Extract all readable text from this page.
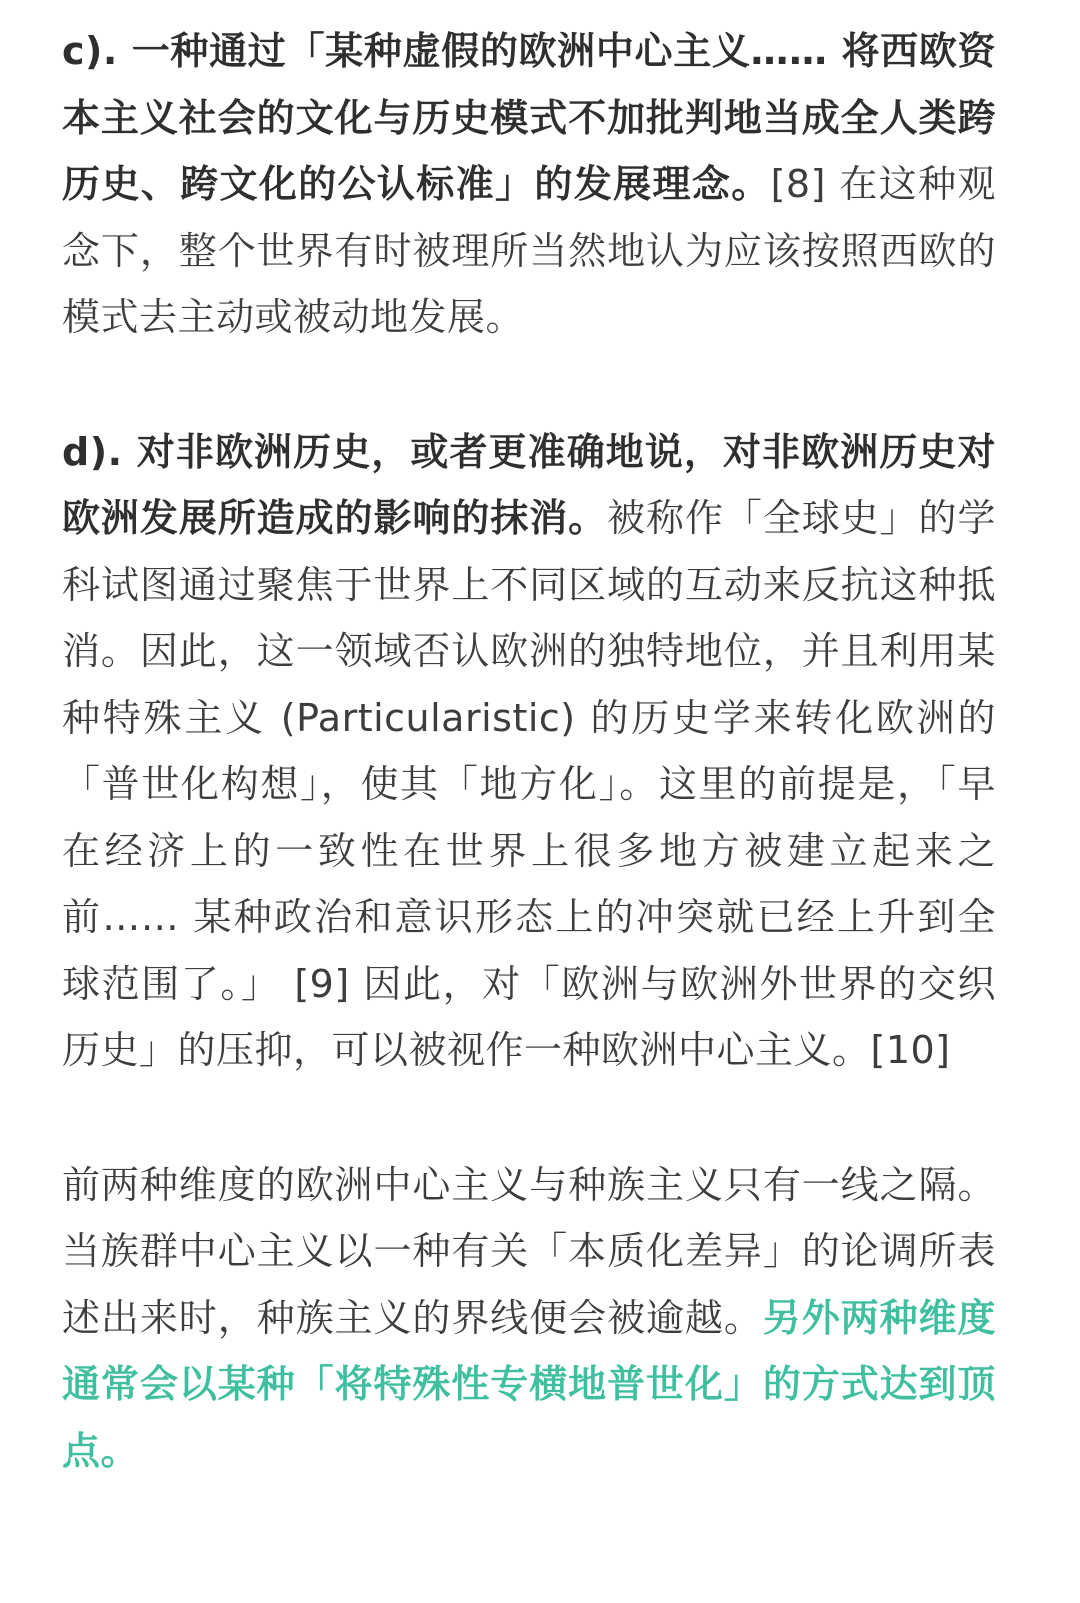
c). 一种通过「某种虚假的欧洲中心主义…… 将西欧资本主义社会的文化与历史模式不加批判地当成全人类跨历史、跨文化的公认标准」的发展理念。[8] 在这种观念下，整个世界有时被理所当然地认为应该按照西欧的模式去主动或被动地发展。

d). 对非欧洲历史，或者更准确地说，对非欧洲历史对欧洲发展所造成的影响的抹消。被称作「全球史」的学科试图通过聚焦于世界上不同区域的互动来反抗这种抵消。因此，这一领域否认欧洲的独特地位，并且利用某种特殊主义 (Particularistic) 的历史学来转化欧洲的「普世化构想」，使其「地方化」。这里的前提是，「早在经济上的一致性在世界上很多地方被建立起来之前…… 某种政治和意识形态上的冲突就已经上升到全球范围了。」 [9] 因此，对「欧洲与欧洲外世界的交织历史」的压抑，可以被视作一种欧洲中心主义。[10]

前两种维度的欧洲中心主义与种族主义只有一线之隔。当族群中心主义以一种有关「本质化差异」的论调所表述出来时，种族主义的界线便会被逾越。另外两种维度通常会以某种「将特殊性专横地普世化」的方式达到顶点。
